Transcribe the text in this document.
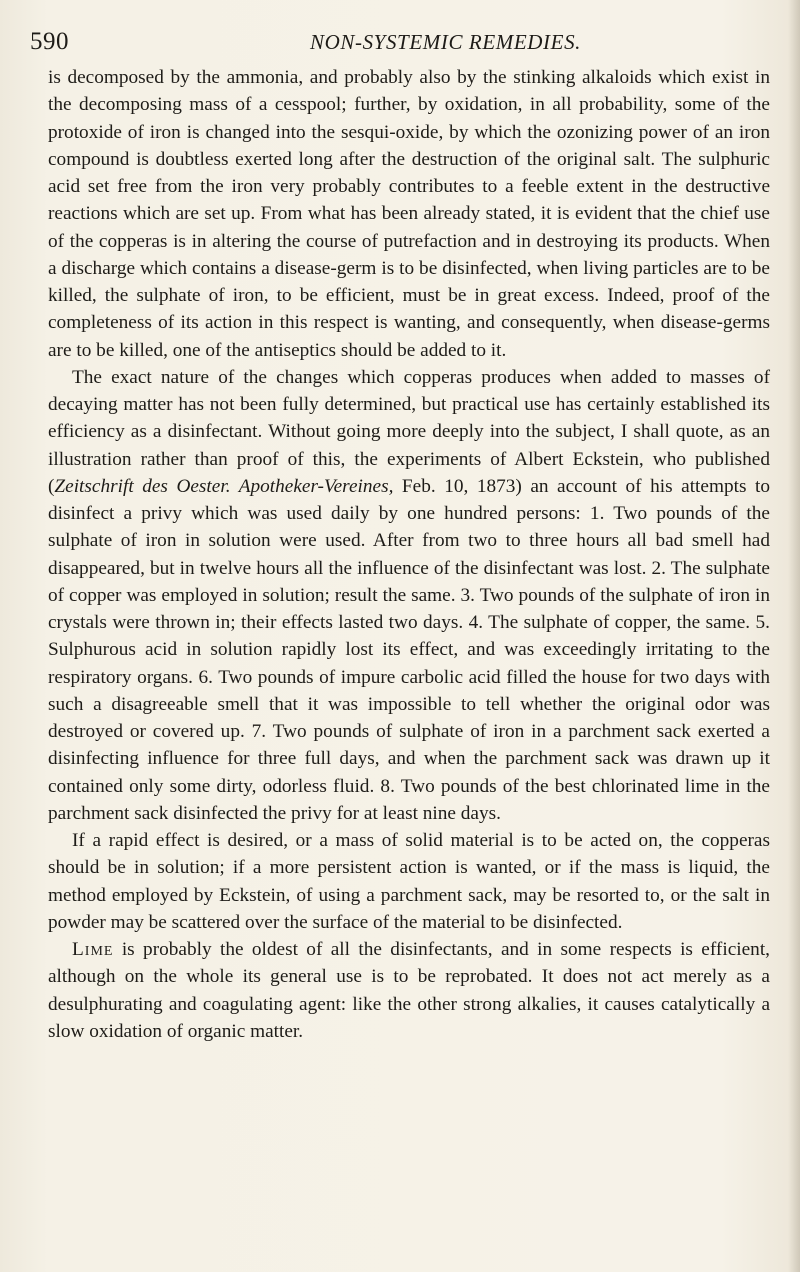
590	NON-SYSTEMIC REMEDIES.

is decomposed by the ammonia, and probably also by the stinking alkaloids which exist in the decomposing mass of a cesspool; further, by oxidation, in all probability, some of the protoxide of iron is changed into the sesqui-oxide, by which the ozonizing power of an iron compound is doubtless exerted long after the destruction of the original salt. The sulphuric acid set free from the iron very probably contributes to a feeble extent in the destructive reactions which are set up. From what has been already stated, it is evident that the chief use of the copperas is in altering the course of putrefaction and in destroying its products. When a discharge which contains a disease-germ is to be disinfected, when living particles are to be killed, the sulphate of iron, to be efficient, must be in great excess. Indeed, proof of the completeness of its action in this respect is wanting, and consequently, when disease-germs are to be killed, one of the antiseptics should be added to it.

The exact nature of the changes which copperas produces when added to masses of decaying matter has not been fully determined, but practical use has certainly established its efficiency as a disinfectant. Without going more deeply into the subject, I shall quote, as an illustration rather than proof of this, the experiments of Albert Eckstein, who published (Zeitschrift des Oester. Apotheker-Vereines, Feb. 10, 1873) an account of his attempts to disinfect a privy which was used daily by one hundred persons: 1. Two pounds of the sulphate of iron in solution were used. After from two to three hours all bad smell had disappeared, but in twelve hours all the influence of the disinfectant was lost. 2. The sulphate of copper was employed in solution; result the same. 3. Two pounds of the sulphate of iron in crystals were thrown in; their effects lasted two days. 4. The sulphate of copper, the same. 5. Sulphurous acid in solution rapidly lost its effect, and was exceedingly irritating to the respiratory organs. 6. Two pounds of impure carbolic acid filled the house for two days with such a disagreeable smell that it was impossible to tell whether the original odor was destroyed or covered up. 7. Two pounds of sulphate of iron in a parchment sack exerted a disinfecting influence for three full days, and when the parchment sack was drawn up it contained only some dirty, odorless fluid. 8. Two pounds of the best chlorinated lime in the parchment sack disinfected the privy for at least nine days.

If a rapid effect is desired, or a mass of solid material is to be acted on, the copperas should be in solution; if a more persistent action is wanted, or if the mass is liquid, the method employed by Eckstein, of using a parchment sack, may be resorted to, or the salt in powder may be scattered over the surface of the material to be disinfected.

Lime is probably the oldest of all the disinfectants, and in some respects is efficient, although on the whole its general use is to be reprobated. It does not act merely as a desulphurating and coagulating agent: like the other strong alkalies, it causes catalytically a slow oxidation of organic matter.
